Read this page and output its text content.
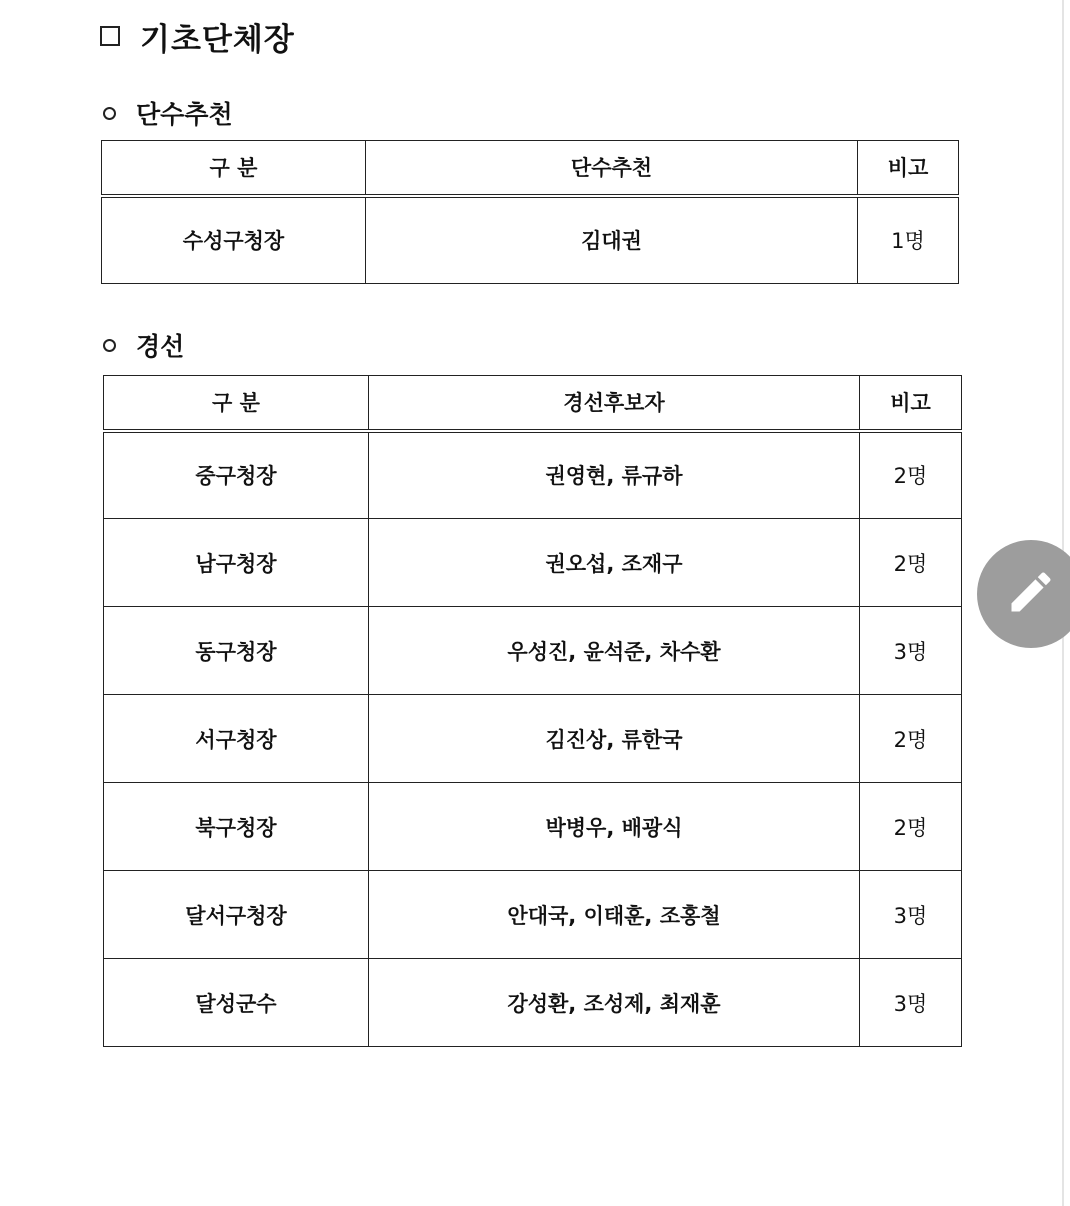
기초단체장
단수추천
구 분	단수추천	비고
수성구청장	김대권	1명
경선
구 분	경선후보자	비고
중구청장	권영현, 류규하	2명
남구청장	권오섭, 조재구	2명
동구청장	우성진, 윤석준, 차수환	3명
서구청장	김진상, 류한국	2명
북구청장	박병우, 배광식	2명
달서구청장	안대국, 이태훈, 조홍철	3명
달성군수	강성환, 조성제, 최재훈	3명
